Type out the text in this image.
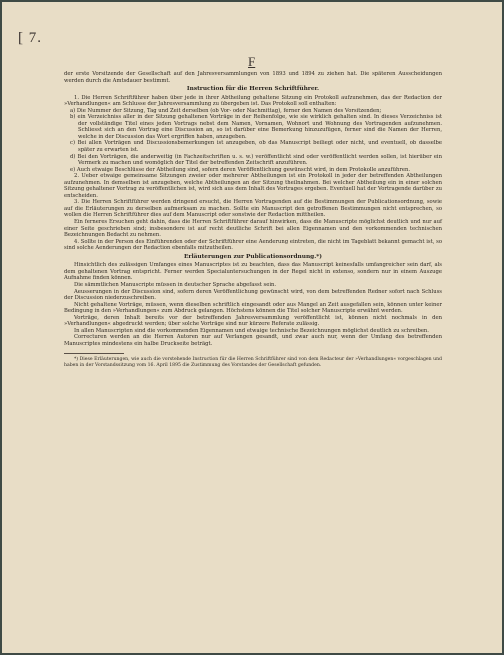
[ 7.
F

der erste Vorsitzende der Gesellschaft auf den Jahresversammlungen von 1893 und 1894 zu ziehen hat. Die späteren Ausscheidungen werden durch die Amtsdauer bestimmt.

Instruction für die Herren Schriftführer.

1. Die Herren Schriftführer haben über jede in ihrer Abtheilung gehaltene Sitzung ein Protokoll aufzunehmen, das der Redaction der »Verhandlungen« am Schlusse der Jahresversammlung zu übergeben ist. Das Protokoll soll enthalten:

a) Die Nummer der Sitzung, Tag und Zeit derselben (ob Vor- oder Nachmittag), ferner den Namen des Vorsitzenden;

b) ein Verzeichniss aller in der Sitzung gehaltenen Vorträge in der Reihenfolge, wie sie wirklich gehalten sind. In dieses Verzeichniss ist der vollständige Titel eines jeden Vortrags nebst dem Namen, Vornamen, Wohnort und Wohnung des Vortragenden aufzunehmen. Schliesst sich an den Vortrag eine Discussion an, so ist darüber eine Bemerkung hinzuzufügen, ferner sind die Namen der Herren, welche in der Discussion das Wort ergriffen haben, anzugeben.

c) Bei allen Vorträgen und Discussionsbemerkungen ist anzugeben, ob das Manuscript beiliegt oder nicht, und eventuell, ob dasselbe später zu erwarten ist.

d) Bei den Vorträgen, die anderweitig (in Fachzeitschriften u. s. w.) veröffentlicht sind oder veröffentlicht werden sollen, ist hierüber ein Vermerk zu machen und womöglich der Titel der betreffenden Zeitschrift anzuführen.

e) Auch etwaige Beschlüsse der Abtheilung sind, sofern deren Veröffentlichung gewünscht wird, in dem Protokolle anzuführen.

2. Ueber etwaige gemeinsame Sitzungen zweier oder mehrerer Abtheilungen ist ein Protokoll in jeder der betreffenden Abtheilungen aufzunehmen. In demselben ist anzugeben, welche Abtheilungen an der Sitzung theilnahmen. Bei welcher Abtheilung ein in einer solchen Sitzung gehaltener Vortrag zu veröffentlichen ist, wird sich aus dem Inhalt des Vortrages ergeben. Eventuell hat der Vortragende darüber zu entscheiden.

3. Die Herren Schriftführer werden dringend ersucht, die Herren Vortragenden auf die Bestimmungen der Publicationsordnung, sowie auf die Erläuterungen zu derselben aufmerksam zu machen. Sollte ein Manuscript den getroffenen Bestimmungen nicht entsprechen, so wollen die Herren Schriftführer dies auf dem Manuscript oder sonstwie der Redaction mittheilen.

Ein ferneres Ersuchen geht dahin, dass die Herren Schriftführer darauf hinwirken, dass die Manuscripte möglichst deutlich und nur auf einer Seite geschrieben sind; insbesondere ist auf recht deutliche Schrift bei allen Eigennamen und den vorkommenden technischen Bezeichnungen Bedacht zu nehmen.

4. Sollte in der Person des Einführenden oder der Schriftführer eine Aenderung eintreten, die nicht im Tageblatt bekannt gemacht ist, so sind solche Aenderungen der Redaction ebenfalls mitzutheilen.

Erläuterungen zur Publicationsordnung.*)

Hinsichtlich des zulässigen Umfanges eines Manuscriptes ist zu beachten, dass das Manuscript keinesfalls umfangreicher sein darf, als dem gehaltenen Vortrag entspricht. Ferner werden Specialuntersuchungen in der Regel nicht in extenso, sondern nur in einem Auszuge Aufnahme finden können.

Die sämmtlichen Manuscripte müssen in deutscher Sprache abgefasst sein.

Aeusserungen in der Discussion sind, sofern deren Veröffentlichung gewünscht wird, von dem betreffenden Redner sofort nach Schluss der Discussion niederzuschreiben.

Nicht gehaltene Vorträge, müssen, wenn dieselben schriftlich eingesandt oder aus Mangel an Zeit ausgefallen sein, können unter keiner Bedingung in den »Verhandlungen« zum Abdruck gelangen. Höchstens können die Titel solcher Manuscripte erwähnt werden.

Vorträge, deren Inhalt bereits vor der betreffenden Jahresversammlung veröffentlicht ist, können nicht nochmals in den »Verhandlungen« abgedruckt werden; über solche Vorträge sind nur kürzere Referate zulässig.

In allen Manuscripten sind die vorkommenden Eigennamen und etwaige technische Bezeichnungen möglichst deutlich zu schreiben.

Correcturen werden an die Herren Autoren nur auf Verlangen gesandt, und zwar auch nur, wenn der Umfang des betreffenden Manuscriptes mindestens ein halbe Druckseite beträgt.

*) Diese Erläuterungen, wie auch die vorstehende Instruction für die Herren Schriftführer sind von dem Redacteur der »Verhandlungen« vorgeschlagen und haben in der Vorstandssitzung vom 16. April 1895 die Zustimmung des Vorstandes der Gesellschaft gefunden.
